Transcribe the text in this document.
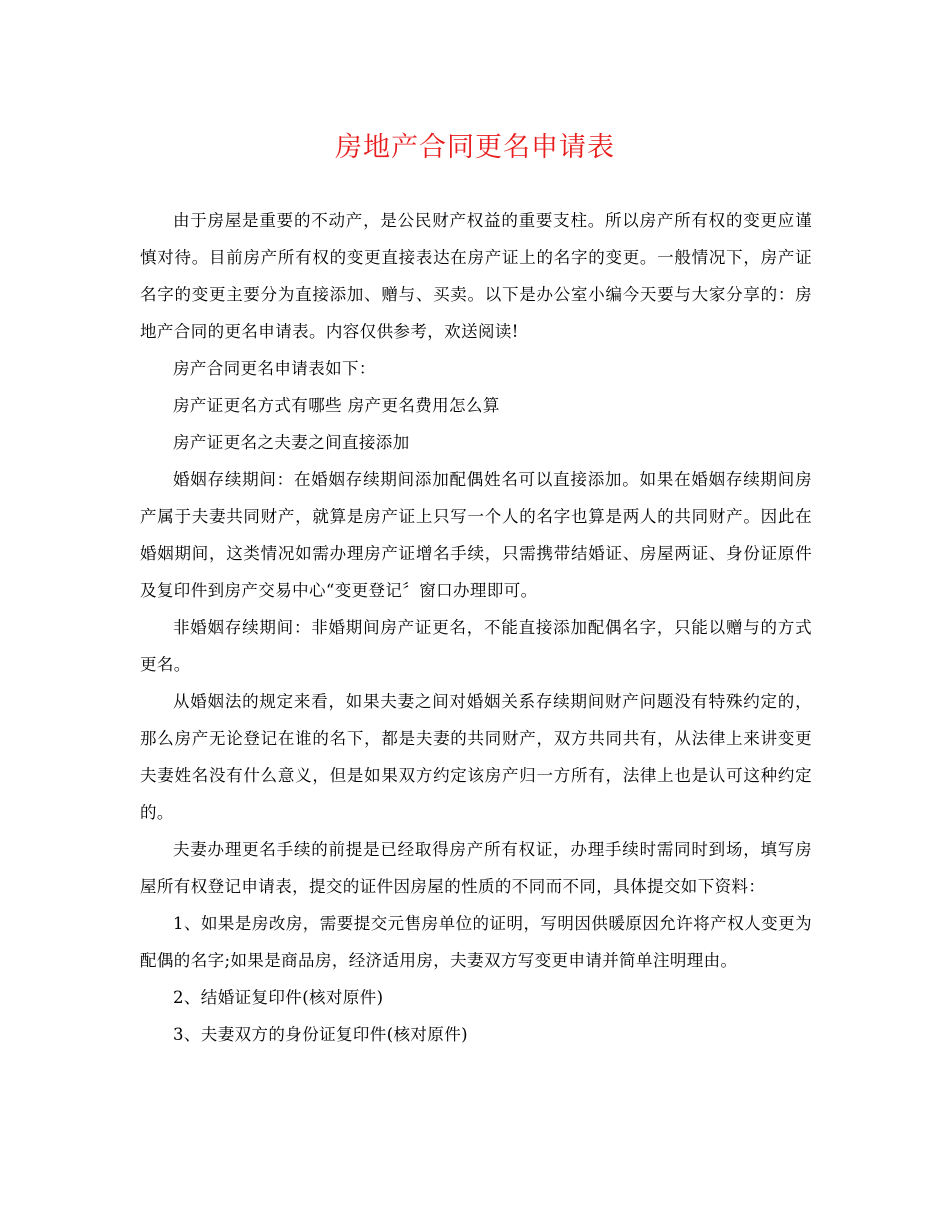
房地产合同更名申请表

由于房屋是重要的不动产，是公民财产权益的重要支柱。所以房产所有权的变更应谨慎对待。目前房产所有权的变更直接表达在房产证上的名字的变更。一般情况下，房产证名字的变更主要分为直接添加、赠与、买卖。以下是办公室小编今天要与大家分享的：房地产合同的更名申请表。内容仅供参考，欢送阅读!

房产合同更名申请表如下：

房产证更名方式有哪些 房产更名费用怎么算

房产证更名之夫妻之间直接添加

婚姻存续期间：在婚姻存续期间添加配偶姓名可以直接添加。如果在婚姻存续期间房产属于夫妻共同财产，就算是房产证上只写一个人的名字也算是两人的共同财产。因此在婚姻期间，这类情况如需办理房产证增名手续，只需携带结婚证、房屋两证、身份证原件及复印件到房产交易中心“变更登记〞窗口办理即可。

非婚姻存续期间：非婚期间房产证更名，不能直接添加配偶名字，只能以赠与的方式更名。

从婚姻法的规定来看，如果夫妻之间对婚姻关系存续期间财产问题没有特殊约定的，那么房产无论登记在谁的名下，都是夫妻的共同财产，双方共同共有，从法律上来讲变更夫妻姓名没有什么意义，但是如果双方约定该房产归一方所有，法律上也是认可这种约定的。

夫妻办理更名手续的前提是已经取得房产所有权证，办理手续时需同时到场，填写房屋所有权登记申请表，提交的证件因房屋的性质的不同而不同，具体提交如下资料：

1、如果是房改房，需要提交元售房单位的证明，写明因供暖原因允许将产权人变更为配偶的名字;如果是商品房，经济适用房，夫妻双方写变更申请并简单注明理由。

2、结婚证复印件(核对原件)

3、夫妻双方的身份证复印件(核对原件)
